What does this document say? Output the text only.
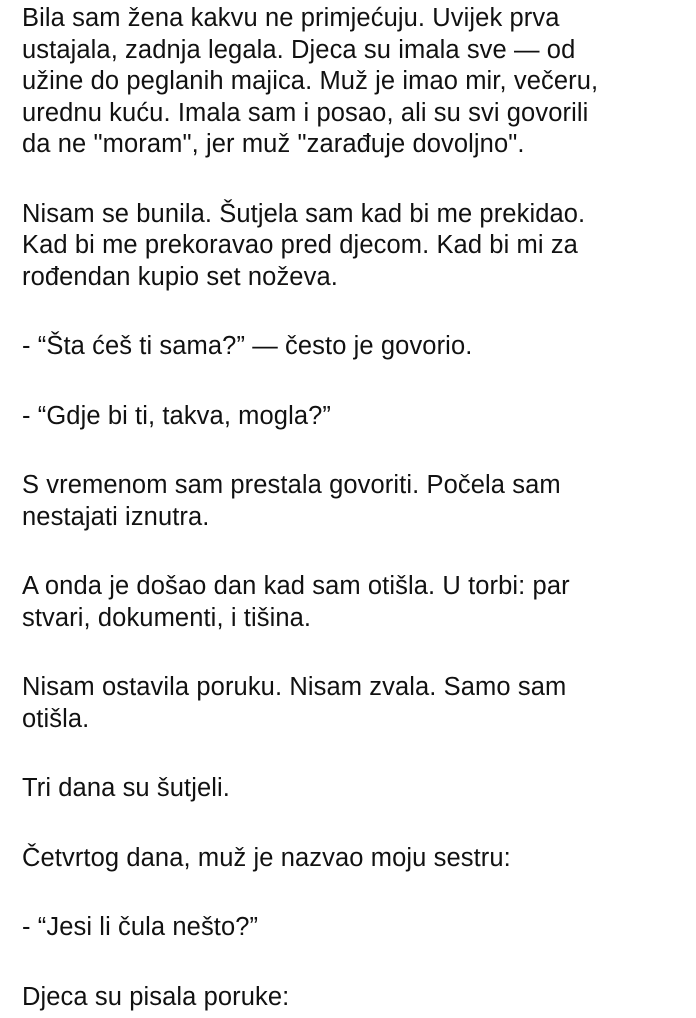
Bila sam žena kakvu ne primjećuju. Uvijek prva
ustajala, zadnja legala. Djeca su imala sve — od
užine do peglanih majica. Muž je imao mir, večeru,
urednu kuću. Imala sam i posao, ali su svi govorili
da ne "moram", jer muž "zarađuje dovoljno".

Nisam se bunila. Šutjela sam kad bi me prekidao.
Kad bi me prekoravao pred djecom. Kad bi mi za
rođendan kupio set noževa.

- “Šta ćeš ti sama?” — često je govorio.

- “Gdje bi ti, takva, mogla?”

S vremenom sam prestala govoriti. Počela sam
nestajati iznutra.

A onda je došao dan kad sam otišla. U torbi: par
stvari, dokumenti, i tišina.

Nisam ostavila poruku. Nisam zvala. Samo sam
otišla.

Tri dana su šutjeli.

Četvrtog dana, muž je nazvao moju sestru:

- “Jesi li čula nešto?”

Djeca su pisala poruke:
